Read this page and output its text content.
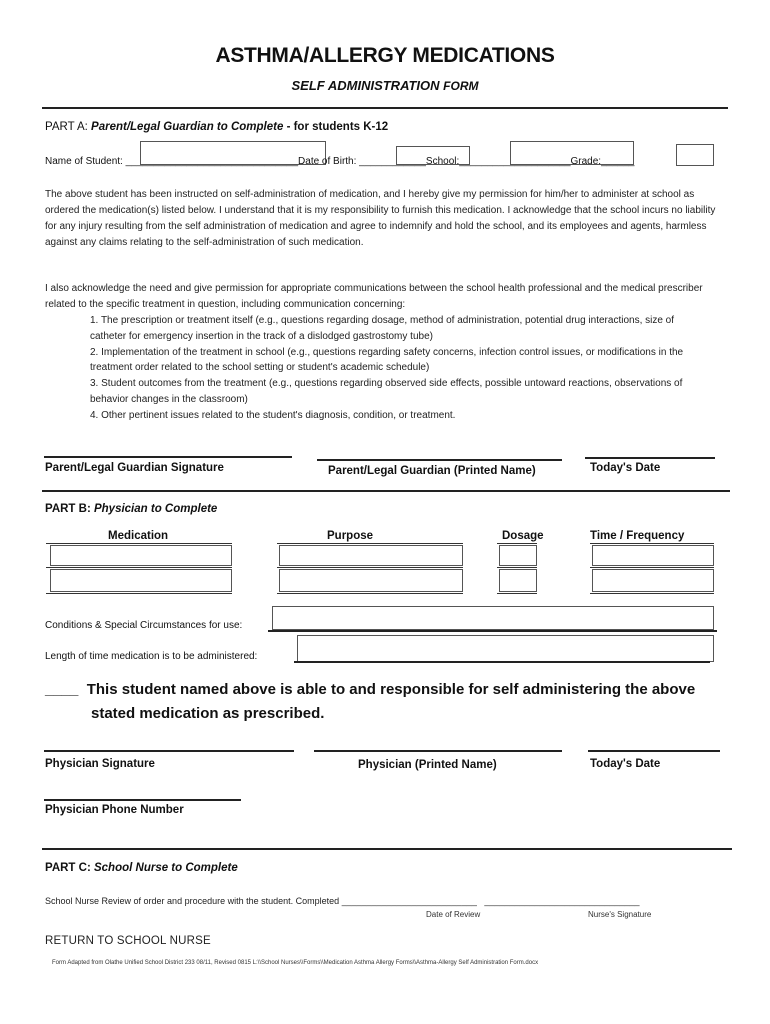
ASTHMA/ALLERGY MEDICATIONS
SELF ADMINISTRATION FORM
PART A: Parent/Legal Guardian to Complete - for students K-12
Name of Student: _______________________________Date of Birth: ____________School:____________________Grade:______
The above student has been instructed on self-administration of medication, and I hereby give my permission for him/her to administer at school as ordered the medication(s) listed below. I understand that it is my responsibility to furnish this medication. I acknowledge that the school incurs no liability for any injury resulting from the self administration of medication and agree to indemnify and hold the school, and its employees and agents, harmless against any claims relating to the self-administration of such medication.
I also acknowledge the need and give permission for appropriate communications between the school health professional and the medical prescriber related to the specific treatment in question, including communication concerning:
1. The prescription or treatment itself (e.g., questions regarding dosage, method of administration, potential drug interactions, size of catheter for emergency insertion in the track of a dislodged gastrostomy tube)
2. Implementation of the treatment in school (e.g., questions regarding safety concerns, infection control issues, or modifications in the treatment order related to the school setting or student's academic schedule)
3. Student outcomes from the treatment (e.g., questions regarding observed side effects, possible untoward reactions, observations of behavior changes in the classroom)
4. Other pertinent issues related to the student's diagnosis, condition, or treatment.
Parent/Legal Guardian Signature	Parent/Legal Guardian (Printed Name)	Today's Date
PART B: Physician to Complete
Medication	Purpose	Dosage	Time / Frequency
Conditions & Special Circumstances for use:
Length of time medication is to be administered:
____ This student named above is able to and responsible for self administering the above
stated medication as prescribed.
Physician Signature	Physician (Printed Name)	Today's Date
Physician Phone Number
PART C: School Nurse to Complete
School Nurse Review of order and procedure with the student. Completed ___________________________ _______________________________
Date of Review	Nurse's Signature
RETURN TO SCHOOL NURSE
Form Adapted from Olathe Unified School District 233 08/11, Revised 0815 L:\\School Nurses\\Forms\\Medication Asthma Allergy Forms\\Asthma-Allergy Self Administration Form.docx
